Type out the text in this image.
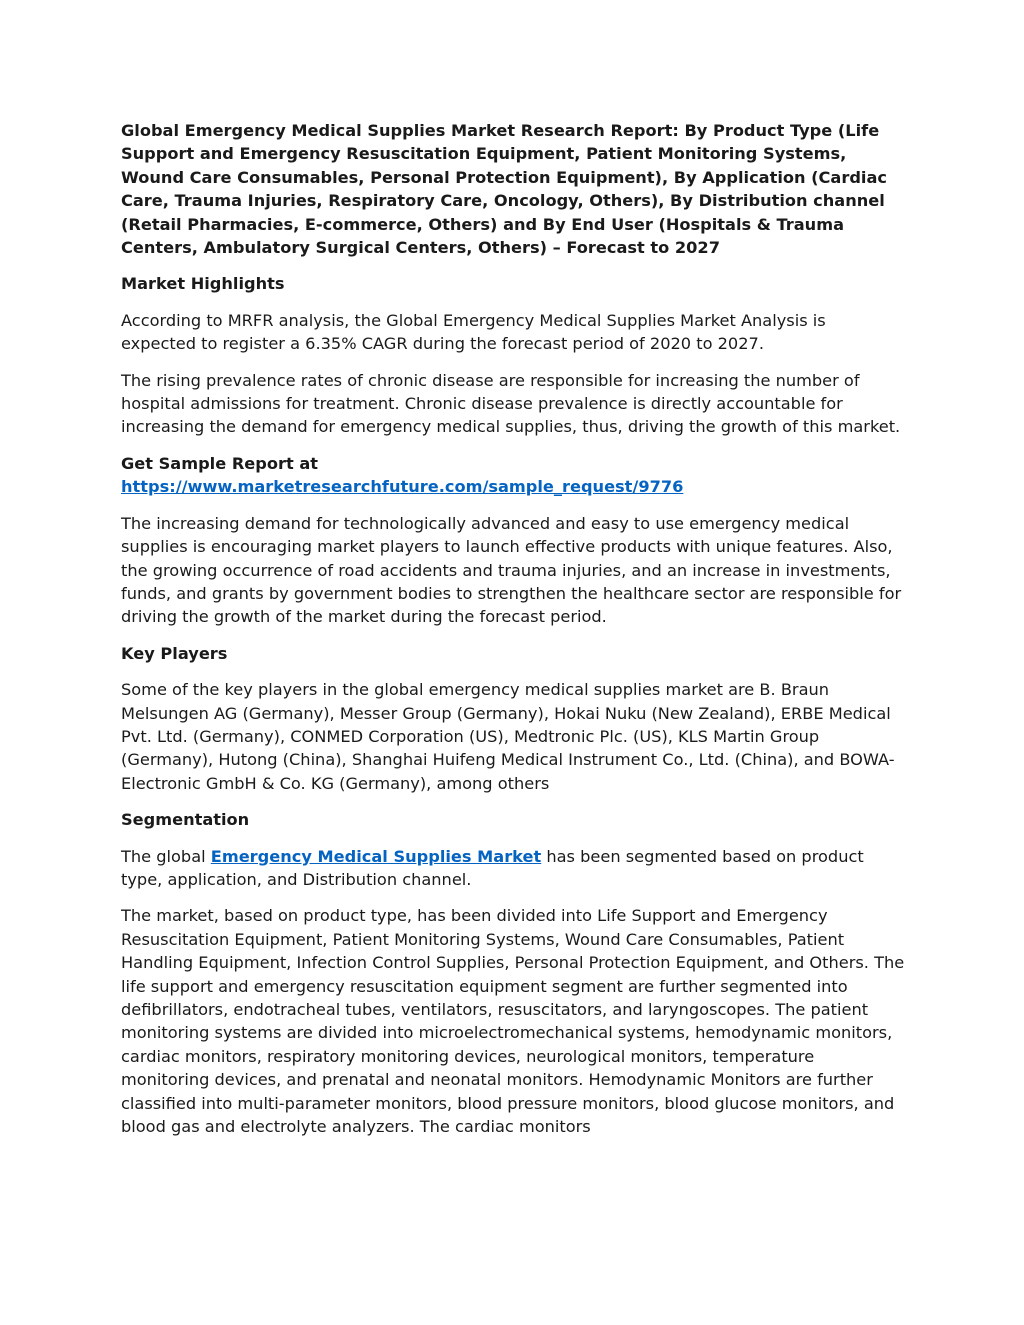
Global Emergency Medical Supplies Market Research Report: By Product Type (Life Support and Emergency Resuscitation Equipment, Patient Monitoring Systems, Wound Care Consumables, Personal Protection Equipment), By Application (Cardiac Care, Trauma Injuries, Respiratory Care, Oncology, Others), By Distribution channel (Retail Pharmacies, E-commerce, Others) and By End User (Hospitals & Trauma Centers, Ambulatory Surgical Centers, Others) – Forecast to 2027
Market Highlights

According to MRFR analysis, the Global Emergency Medical Supplies Market Analysis is expected to register a 6.35% CAGR during the forecast period of 2020 to 2027.

The rising prevalence rates of chronic disease are responsible for increasing the number of hospital admissions for treatment. Chronic disease prevalence is directly accountable for increasing the demand for emergency medical supplies, thus, driving the growth of this market.

Get Sample Report at
https://www.marketresearchfuture.com/sample_request/9776

The increasing demand for technologically advanced and easy to use emergency medical supplies is encouraging market players to launch effective products with unique features. Also, the growing occurrence of road accidents and trauma injuries, and an increase in investments, funds, and grants by government bodies to strengthen the healthcare sector are responsible for driving the growth of the market during the forecast period.

Key Players

Some of the key players in the global emergency medical supplies market are B. Braun Melsungen AG (Germany), Messer Group (Germany), Hokai Nuku (New Zealand), ERBE Medical Pvt. Ltd. (Germany), CONMED Corporation (US), Medtronic Plc. (US), KLS Martin Group (Germany), Hutong (China), Shanghai Huifeng Medical Instrument Co., Ltd. (China), and BOWA-Electronic GmbH & Co. KG (Germany), among others

Segmentation

The global Emergency Medical Supplies Market has been segmented based on product type, application, and Distribution channel.

The market, based on product type, has been divided into Life Support and Emergency Resuscitation Equipment, Patient Monitoring Systems, Wound Care Consumables, Patient Handling Equipment, Infection Control Supplies, Personal Protection Equipment, and Others. The life support and emergency resuscitation equipment segment are further segmented into defibrillators, endotracheal tubes, ventilators, resuscitators, and laryngoscopes. The patient monitoring systems are divided into microelectromechanical systems, hemodynamic monitors, cardiac monitors, respiratory monitoring devices, neurological monitors, temperature monitoring devices, and prenatal and neonatal monitors. Hemodynamic Monitors are further classified into multi-parameter monitors, blood pressure monitors, blood glucose monitors, and blood gas and electrolyte analyzers. The cardiac monitors
